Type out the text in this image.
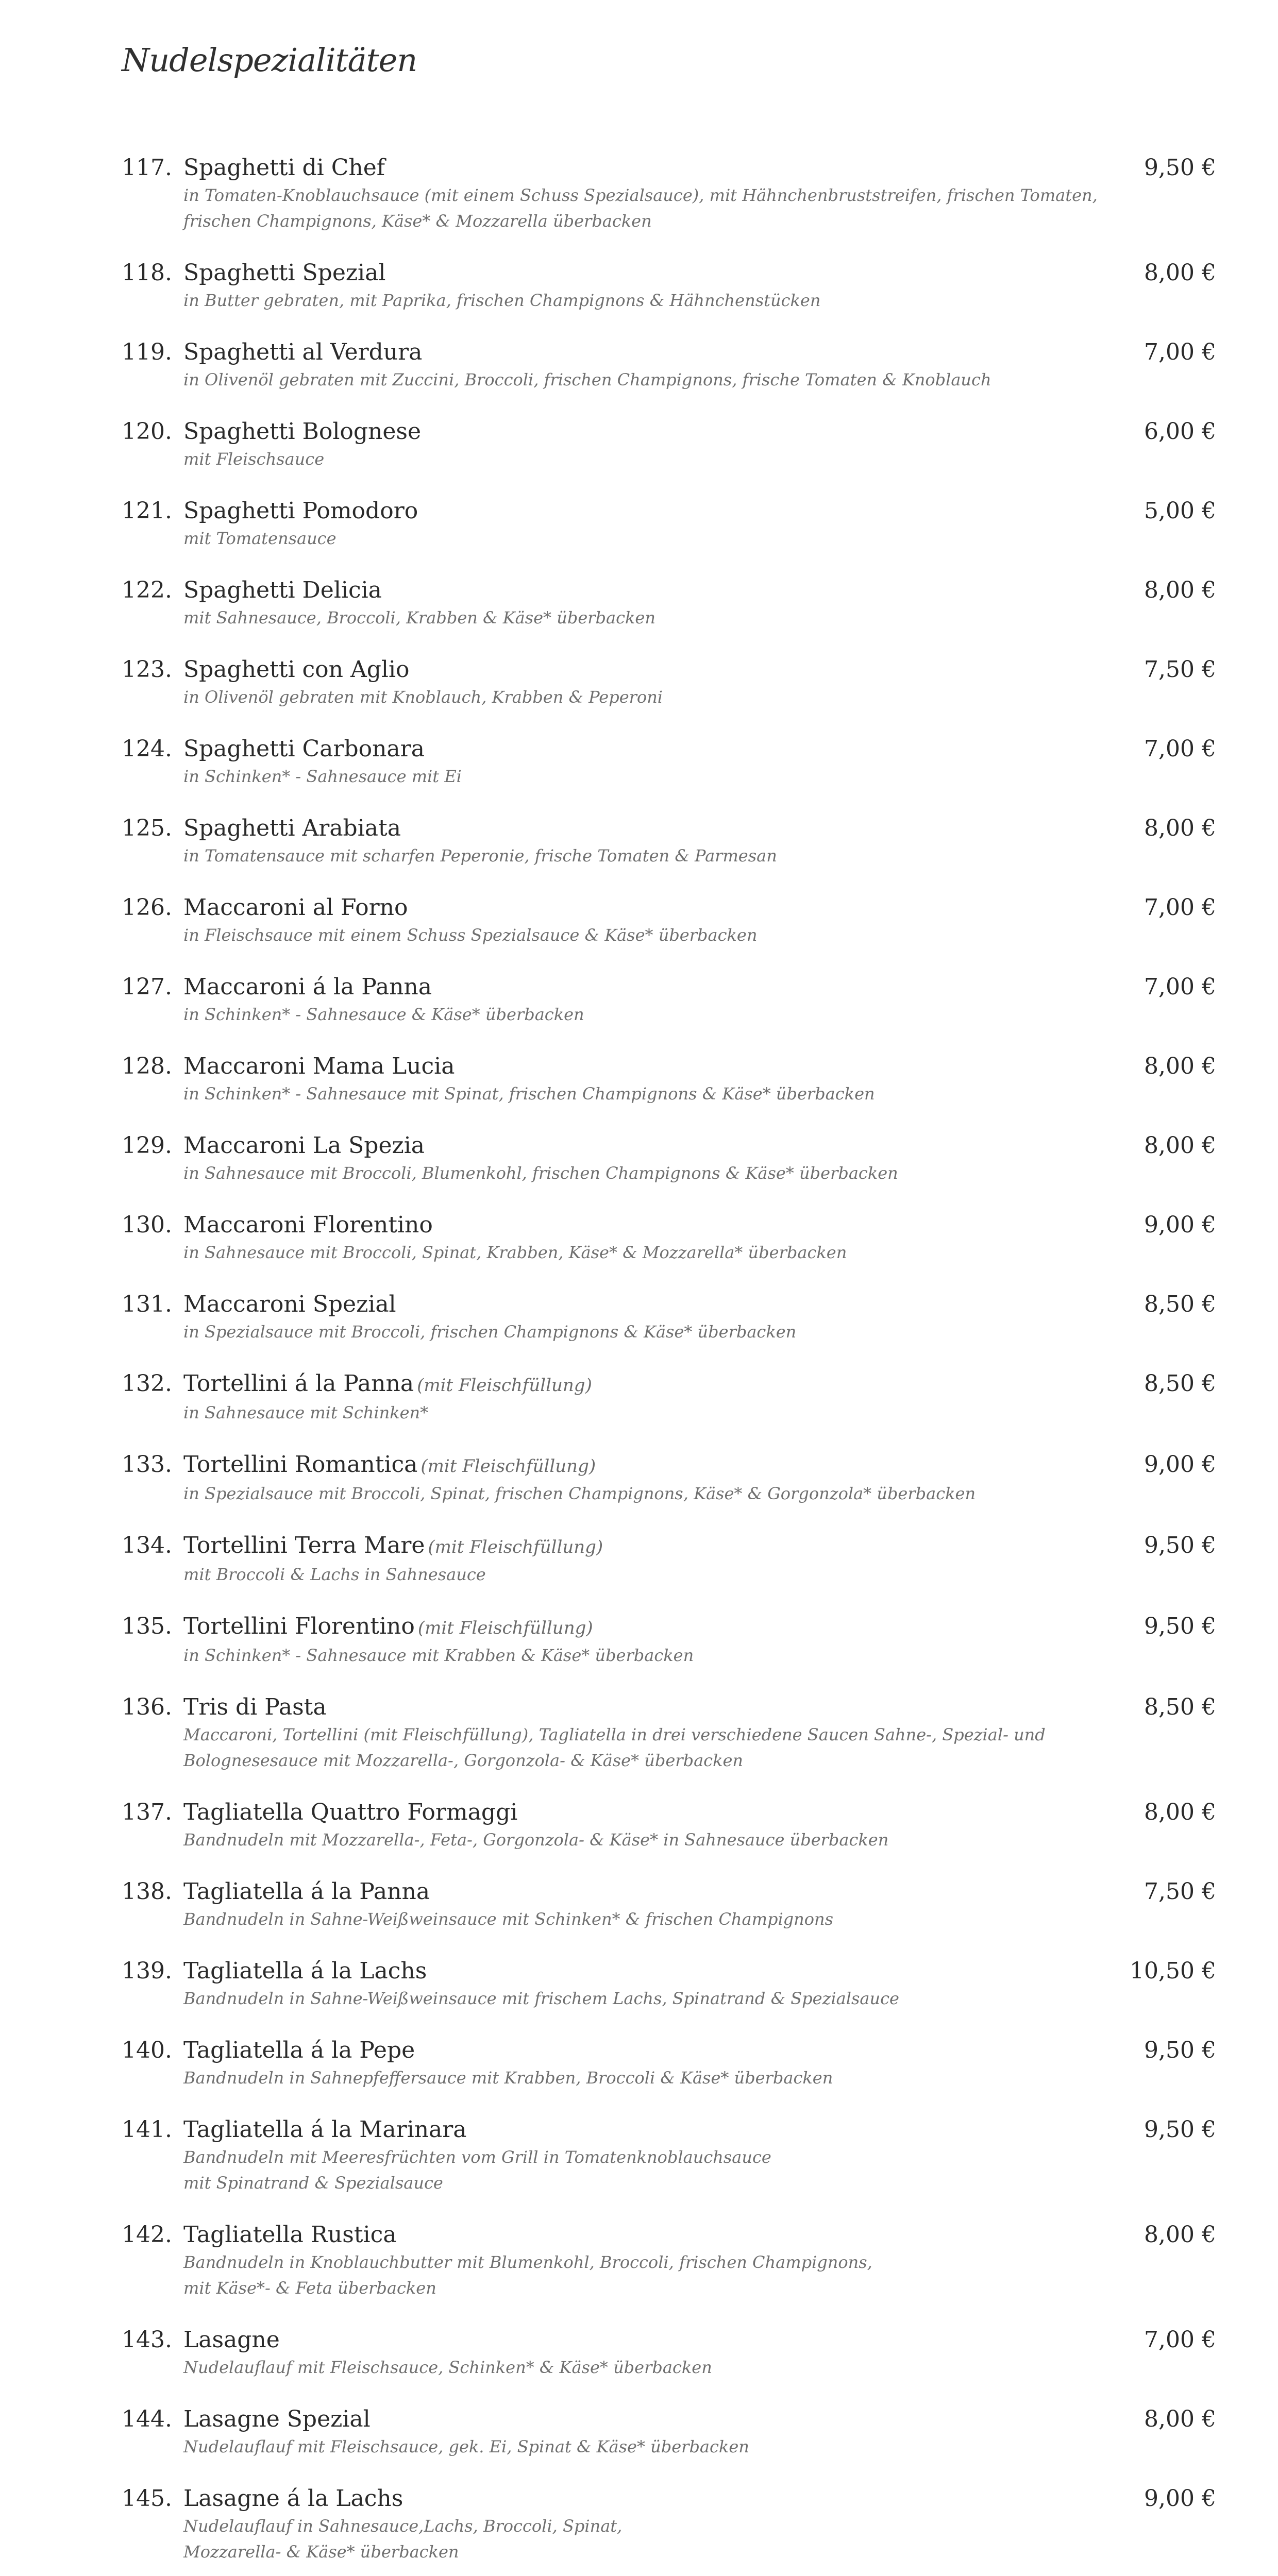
Nudelspezialitäten
117. Spaghetti di Chef
in Tomaten-Knoblauchsauce (mit einem Schuss Spezialsauce), mit Hähnchenbruststreifen, frischen Tomaten,
frischen Champignons, Käse* & Mozzarella überbacken
9,50 €
118. Spaghetti Spezial
in Butter gebraten, mit Paprika, frischen Champignons & Hähnchenstücken
8,00 €
119. Spaghetti al Verdura
in Olivenöl gebraten mit Zuccini, Broccoli, frischen Champignons, frische Tomaten & Knoblauch
7,00 €
120. Spaghetti Bolognese
mit Fleischsauce
6,00 €
121. Spaghetti Pomodoro
mit Tomatensauce
5,00 €
122. Spaghetti Delicia
mit Sahnesauce, Broccoli, Krabben & Käse* überbacken
8,00 €
123. Spaghetti con Aglio
in Olivenöl gebraten mit Knoblauch, Krabben & Peperoni
7,50 €
124. Spaghetti Carbonara
in Schinken* - Sahnesauce mit Ei
7,00 €
125. Spaghetti Arabiata
in Tomatensauce mit scharfen Peperonie, frische Tomaten & Parmesan
8,00 €
126. Maccaroni al Forno
in Fleischsauce mit einem Schuss Spezialsauce & Käse* überbacken
7,00 €
127. Maccaroni á la Panna
in Schinken* - Sahnesauce & Käse* überbacken
7,00 €
128. Maccaroni Mama Lucia
in Schinken* - Sahnesauce mit Spinat, frischen Champignons & Käse* überbacken
8,00 €
129. Maccaroni La Spezia
in Sahnesauce mit Broccoli, Blumenkohl, frischen Champignons & Käse* überbacken
8,00 €
130. Maccaroni Florentino
in Sahnesauce mit Broccoli, Spinat, Krabben, Käse* & Mozzarella* überbacken
9,00 €
131. Maccaroni Spezial
in Spezialsauce mit Broccoli, frischen Champignons & Käse* überbacken
8,50 €
132. Tortellini á la Panna (mit Fleischfüllung)
in Sahnesauce mit Schinken*
8,50 €
133. Tortellini Romantica (mit Fleischfüllung)
in Spezialsauce mit Broccoli, Spinat, frischen Champignons, Käse* & Gorgonzola* überbacken
9,00 €
134. Tortellini Terra Mare (mit Fleischfüllung)
mit Broccoli & Lachs in Sahnesauce
9,50 €
135. Tortellini Florentino (mit Fleischfüllung)
in Schinken* - Sahnesauce mit Krabben & Käse* überbacken
9,50 €
136. Tris di Pasta
Maccaroni, Tortellini (mit Fleischfüllung), Tagliatella in drei verschiedene Saucen Sahne-, Spezial- und
Bolognesesauce mit Mozzarella-, Gorgonzola- & Käse* überbacken
8,50 €
137. Tagliatella Quattro Formaggi
Bandnudeln mit Mozzarella-, Feta-, Gorgonzola- & Käse* in Sahnesauce überbacken
8,00 €
138. Tagliatella á la Panna
Bandnudeln in Sahne-Weißweinsauce mit Schinken* & frischen Champignons
7,50 €
139. Tagliatella á la Lachs
Bandnudeln in Sahne-Weißweinsauce mit frischem Lachs, Spinatrand & Spezialsauce
10,50 €
140. Tagliatella á la Pepe
Bandnudeln in Sahnepfeffersauce mit Krabben, Broccoli & Käse* überbacken
9,50 €
141. Tagliatella á la Marinara
Bandnudeln mit Meeresfrüchten vom Grill in Tomatenknoblauchsauce
mit Spinatrand & Spezialsauce
9,50 €
142. Tagliatella Rustica
Bandnudeln in Knoblauchbutter mit Blumenkohl, Broccoli, frischen Champignons,
mit Käse*- & Feta überbacken
8,00 €
143. Lasagne
Nudelauflauf mit Fleischsauce, Schinken* & Käse* überbacken
7,00 €
144. Lasagne Spezial
Nudelauflauf mit Fleischsauce, gek. Ei, Spinat & Käse* überbacken
8,00 €
145. Lasagne á la Lachs
Nudelauflauf in Sahnesauce,Lachs, Broccoli, Spinat,
Mozzarella- & Käse* überbacken
9,00 €
